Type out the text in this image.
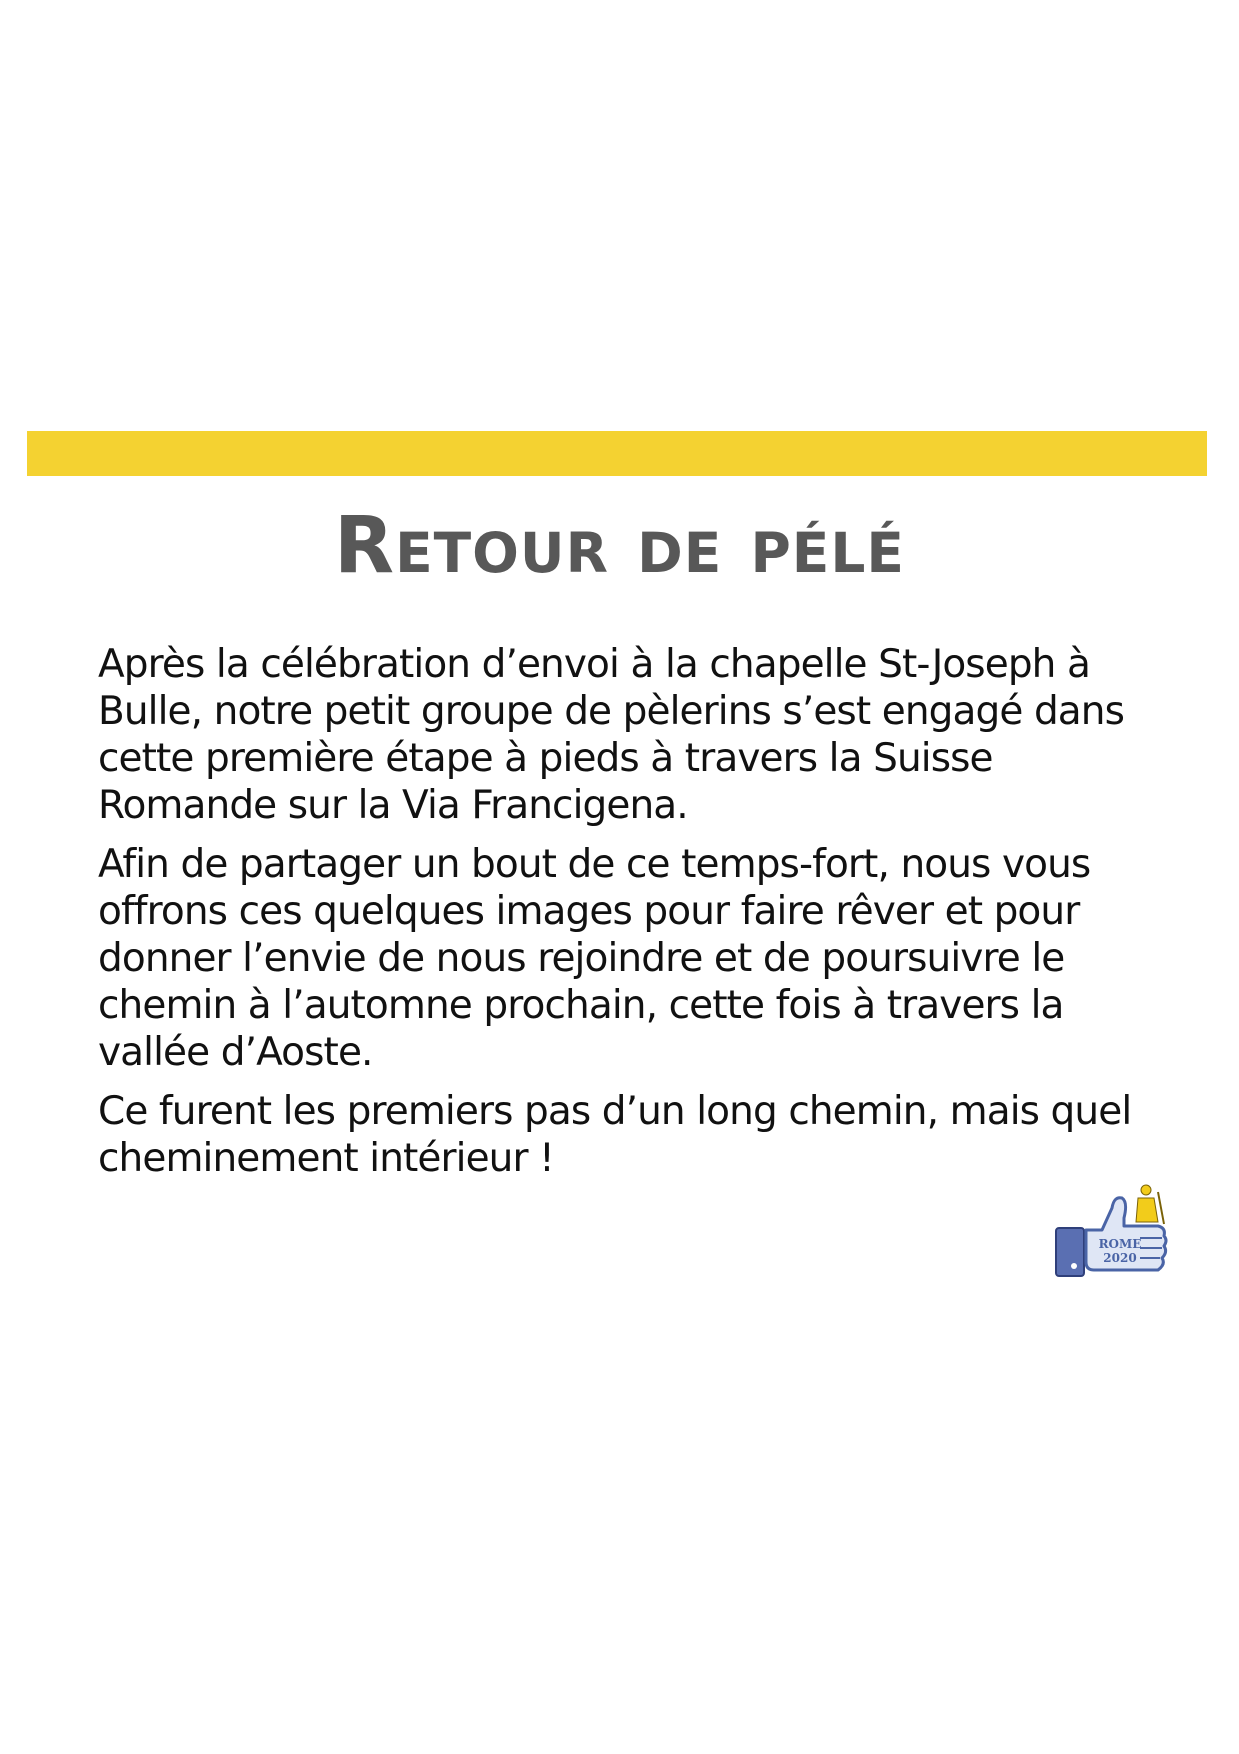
Retour de pélé

Après la célébration d’envoi à la chapelle St-Joseph à Bulle, notre petit groupe de pèlerins s’est engagé dans cette première étape à pieds à travers la Suisse Romande sur la Via Francigena.

Afin de partager un bout de ce temps-fort, nous vous offrons ces quelques images pour faire rêver et pour donner l’envie de nous rejoindre et de poursuivre le chemin à l’automne prochain, cette fois à travers la vallée d’Aoste.

Ce furent les premiers pas d’un long chemin, mais quel cheminement intérieur !

ROME
2020
